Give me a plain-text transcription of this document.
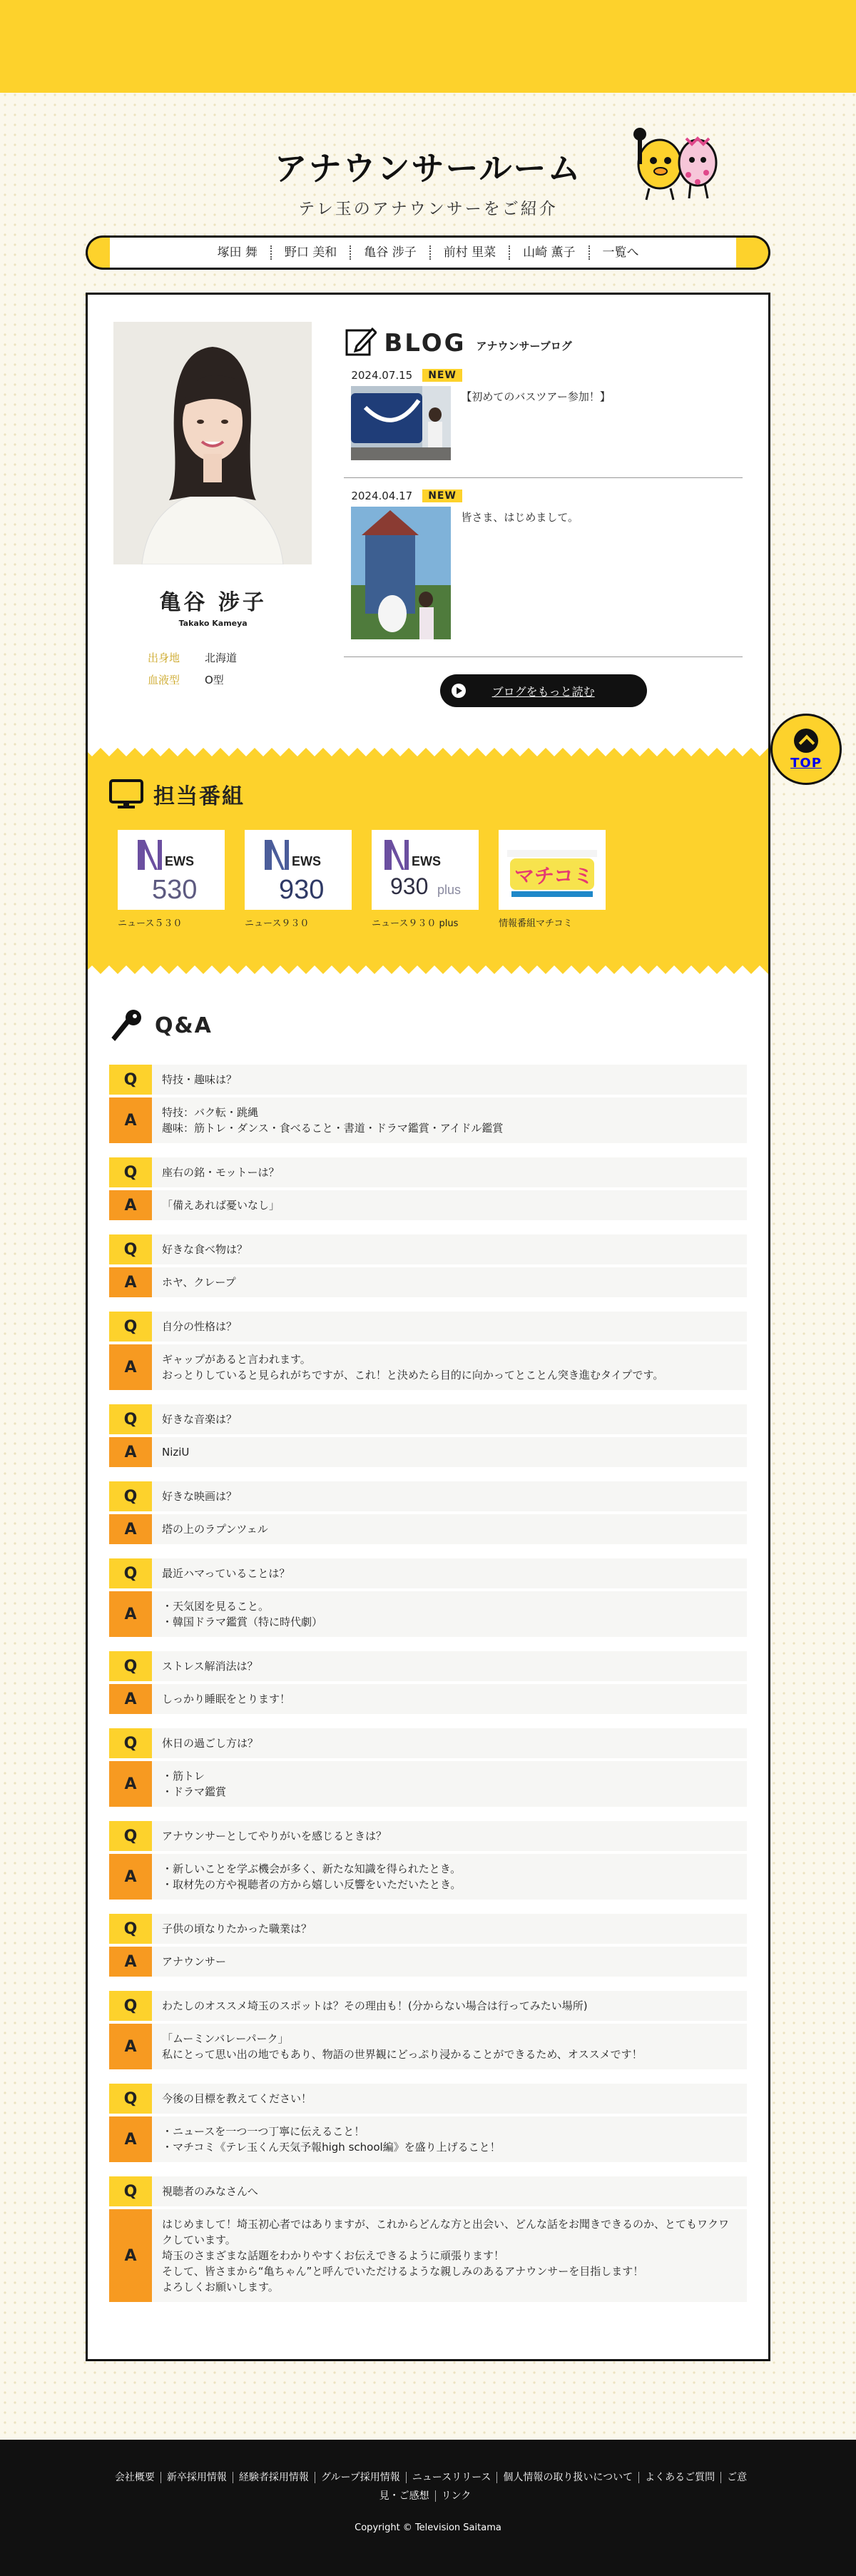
アナウンサールーム

テレ玉のアナウンサーをご紹介

塚田 舞	野口 美和	亀谷 涉子	前村 里菜	山崎 薫子	一覧へ
亀谷 涉子
Takako Kameya
出身地	北海道
血液型	O型
BLOG アナウンサーブログ
2024.07.15	NEW
【初めてのバスツアー参加！】
2024.04.17	NEW
皆さま、はじめまして。
ブログをもっと読む
担当番組
EWS
530
ニュース５３０
EWS
930
ニュース９３０
EWS
930 plus
ニュース９３０ plus
マチコミ
情報番組マチコミ
Q&A
Q	特技・趣味は？
A	特技：バク転・跳縄
趣味：筋トレ・ダンス・食べること・書道・ドラマ鑑賞・アイドル鑑賞
Q	座右の銘・モットーは？
A	「備えあれば憂いなし」
Q	好きな食べ物は？
A	ホヤ、クレープ
Q	自分の性格は？
A	ギャップがあると言われます。
おっとりしていると見られがちですが、これ！と決めたら目的に向かってとことん突き進むタイプです。
Q	好きな音楽は？
A	NiziU
Q	好きな映画は？
A	塔の上のラプンツェル
Q	最近ハマっていることは？
A	・天気図を見ること。
・韓国ドラマ鑑賞（特に時代劇）
Q	ストレス解消法は？
A	しっかり睡眠をとります！
Q	休日の過ごし方は？
A	・筋トレ
・ドラマ鑑賞
Q	アナウンサーとしてやりがいを感じるときは？
A	・新しいことを学ぶ機会が多く、新たな知識を得られたとき。
・取材先の方や視聴者の方から嬉しい反響をいただいたとき。
Q	子供の頃なりたかった職業は？
A	アナウンサー
Q	わたしのオススメ埼玉のスポットは？その理由も！(分からない場合は行ってみたい場所)
A	「ムーミンバレーパーク」
私にとって思い出の地でもあり、物語の世界観にどっぷり浸かることができるため、オススメです！
Q	今後の目標を教えてください！
A	・ニュースを一つ一つ丁寧に伝えること！
・マチコミ《テレ玉くん天気予報high school編》を盛り上げること！
Q	視聴者のみなさんへ
A
はじめまして！埼玉初心者ではありますが、これからどんな方と出会い、どんな話をお聞きできるのか、とてもワクワクしています。
埼玉のさまざまな話題をわかりやすくお伝えできるように頑張ります！
そして、皆さまから“亀ちゃん”と呼んでいただけるような親しみのあるアナウンサーを目指します！
よろしくお願いします。
TOP
会社概要 新卒採用情報 経験者採用情報 グループ採用情報 ニュースリリース 個人情報の取り扱いについて よくあるご質問 ご意見・ご感想 リンク
Copyright © Television Saitama
